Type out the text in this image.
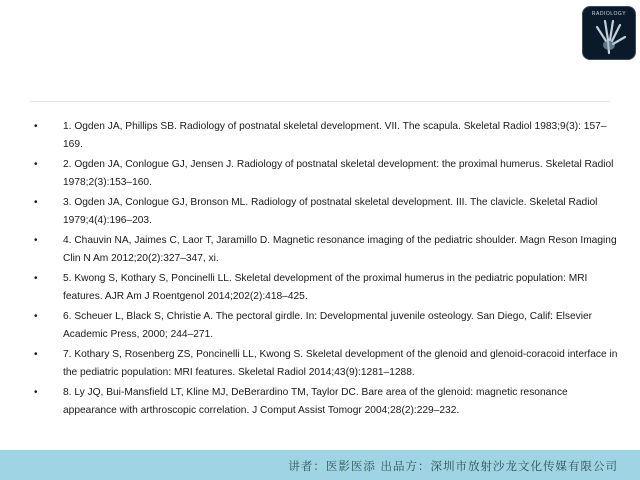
RADIOLOGY
• 1. Ogden JA, Phillips SB. Radiology of postnatal skeletal development. VII. The scapula. Skeletal Radiol 1983;9(3): 157–169.
• 2. Ogden JA, Conlogue GJ, Jensen J. Radiology of postnatal skeletal development: the proximal humerus. Skeletal Radiol 1978;2(3):153–160.
• 3. Ogden JA, Conlogue GJ, Bronson ML. Radiology of postnatal skeletal development. III. The clavicle. Skeletal Radiol 1979;4(4):196–203.
• 4. Chauvin NA, Jaimes C, Laor T, Jaramillo D. Magnetic resonance imaging of the pediatric shoulder. Magn Reson Imaging Clin N Am 2012;20(2):327–347, xi.
• 5. Kwong S, Kothary S, Poncinelli LL. Skeletal development of the proximal humerus in the pediatric population: MRI features. AJR Am J Roentgenol 2014;202(2):418–425.
• 6. Scheuer L, Black S, Christie A. The pectoral girdle. In: Developmental juvenile osteology. San Diego, Calif: Elsevier Academic Press, 2000; 244–271.
• 7. Kothary S, Rosenberg ZS, Poncinelli LL, Kwong S. Skeletal development of the glenoid and glenoid-coracoid interface in the pediatric population: MRI features. Skeletal Radiol 2014;43(9):1281–1288.
• 8. Ly JQ, Bui-Mansfield LT, Kline MJ, DeBerardino TM, Taylor DC. Bare area of the glenoid: magnetic resonance appearance with arthroscopic correlation. J Comput Assist Tomogr 2004;28(2):229–232.
讲者：医影医添 出品方：深圳市放射沙龙文化传媒有限公司
